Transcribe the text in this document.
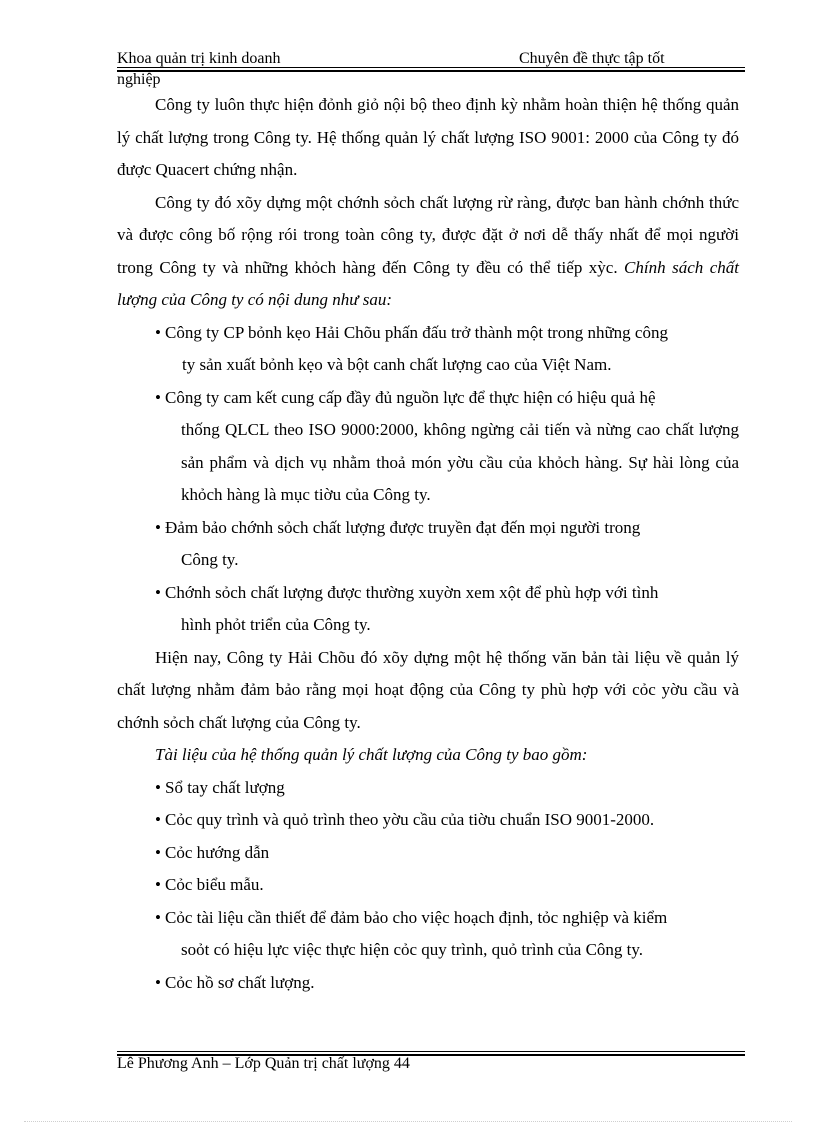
Khoa quản trị kinh doanh	Chuyên đề thực tập tốt
nghiệp

Công ty luôn thực hiện đỏnh giỏ nội bộ theo định kỳ nhằm hoàn thiện hệ thống quản lý chất lượng trong Công ty. Hệ thống quản lý chất lượng ISO 9001: 2000 của Công ty đó được Quacert chứng nhận.

Công ty đó xõy dựng một chớnh sỏch chất lượng rừ ràng, được ban hành chớnh thức và được công bố rộng rói trong toàn công ty, được đặt ở nơi dễ thấy nhất để mọi người trong Công ty và những khỏch hàng đến Công ty đều có thể tiếp xỳc. Chính sách chất lượng của Công ty có nội dung như sau:

• Công ty CP bỏnh kẹo Hải Chõu phấn đấu trở thành một trong những công
ty sản xuất bỏnh kẹo và bột canh chất lượng cao của Việt Nam.
• Công ty cam kết cung cấp đầy đủ nguồn lực để thực hiện có hiệu quả hệ
thống QLCL theo ISO 9000:2000, không ngừng cải tiến và nừng cao chất lượng sản phẩm và dịch vụ nhằm thoả món yờu cầu của khỏch hàng. Sự hài lòng của khỏch hàng là mục tiờu của Công ty.
• Đảm bảo chớnh sỏch chất lượng được truyền đạt đến mọi người trong
Công ty.
• Chớnh sỏch chất lượng được thường xuyờn xem xột để phù hợp với tình
hình phỏt triển của Công ty.

Hiện nay, Công ty Hải Chõu đó xõy dựng một hệ thống văn bản tài liệu về quản lý chất lượng nhằm đảm bảo rằng mọi hoạt động của Công ty phù hợp với cỏc yờu cầu và chớnh sỏch chất lượng của Công ty.

Tài liệu của hệ thống quản lý chất lượng của Công ty bao gồm:

• Sổ tay chất lượng
• Cỏc quy trình và quỏ trình theo yờu cầu của tiờu chuẩn ISO 9001-2000.
• Cỏc hướng dẫn
• Cỏc biểu mẫu.
• Cỏc tài liệu cần thiết để đảm bảo cho việc hoạch định, tỏc nghiệp và kiểm
soỏt có hiệu lực việc thực hiện cỏc quy trình, quỏ trình của Công ty.
• Cỏc hồ sơ chất lượng.
Lê Phương Anh – Lớp Quản trị chất lượng 44
